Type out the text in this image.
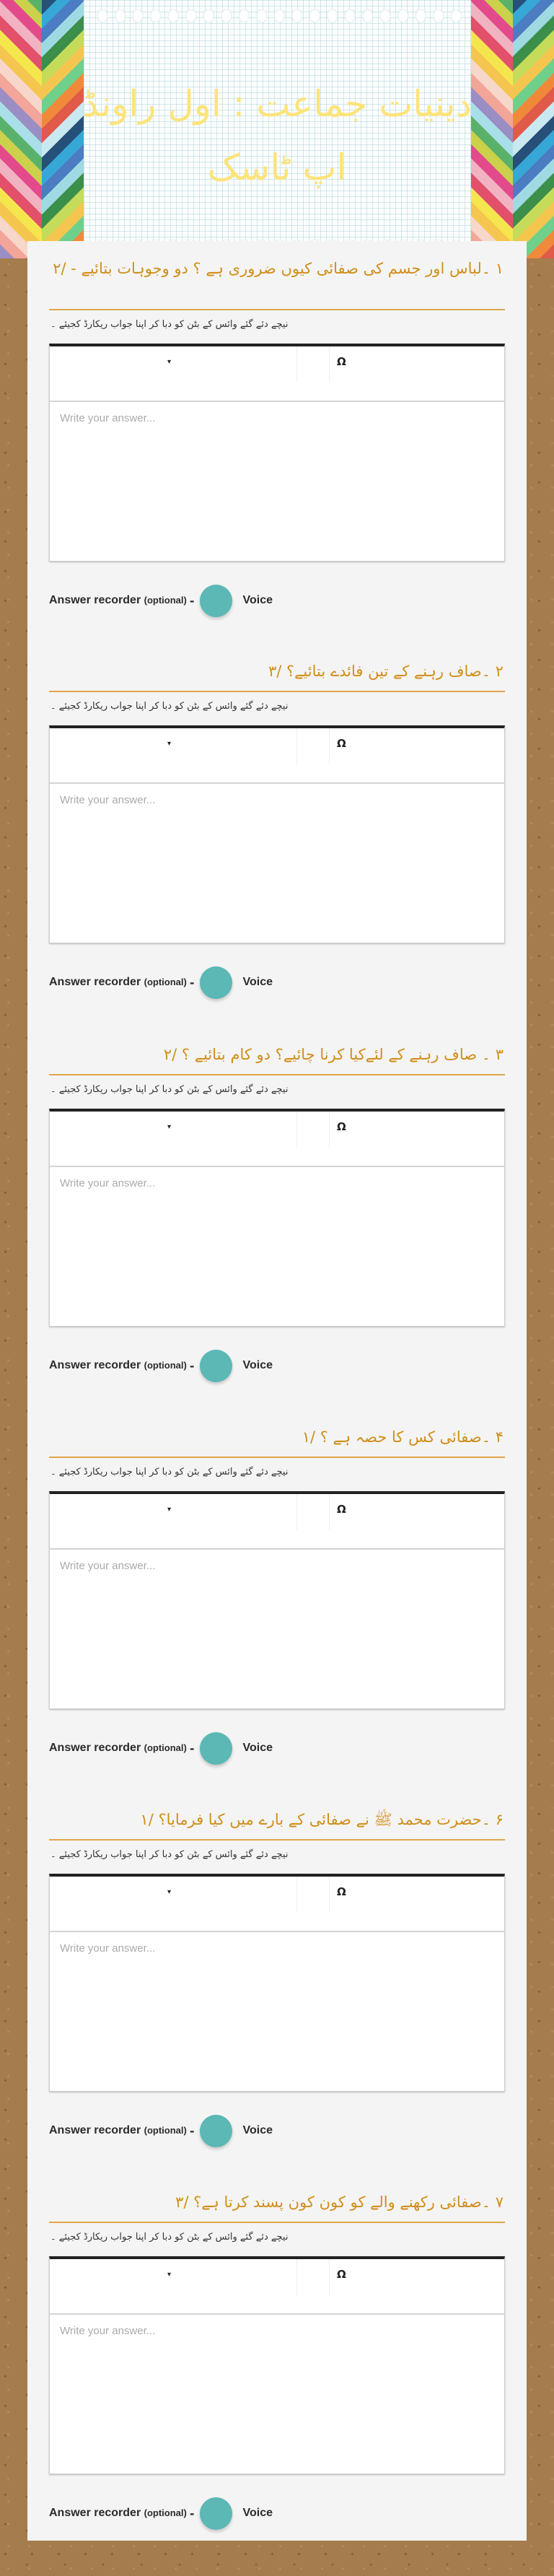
دینیات جماعت : اول راونڈ اپ ٹاسک
۱ ۔لباس اور جسم کی صفائی کیوں ضروری ہے ؟ دو وجوہات بتائیے - /۲
نیچے دئے گئے وائس کے بٹن کو دبا کر اپنا جواب ریکارڈ کجیئے ۔
▾	Ω
Write your answer...
Answer recorder (optional) -	Voice
۲ ۔صاف رہنے کے تین فائدے بتائیے؟ /۳
نیچے دئے گئے وائس کے بٹن کو دبا کر اپنا جواب ریکارڈ کجیئے ۔
▾	Ω
Write your answer...
Answer recorder (optional) -	Voice
۳ ۔ صاف رہنے کے لئےکیا کرنا چائیے؟ دو کام بتائیے ؟ /۲
نیچے دئے گئے وائس کے بٹن کو دبا کر اپنا جواب ریکارڈ کجیئے ۔
▾	Ω
Write your answer...
Answer recorder (optional) -	Voice
۴ ۔صفائی کس کا حصہ ہے ؟ /۱
نیچے دئے گئے وائس کے بٹن کو دبا کر اپنا جواب ریکارڈ کجیئے ۔
▾	Ω
Write your answer...
Answer recorder (optional) -	Voice
۶ ۔حضرت محمد ﷺ نے صفائی کے بارے میں کیا فرمایا؟ /۱
نیچے دئے گئے وائس کے بٹن کو دبا کر اپنا جواب ریکارڈ کجیئے ۔
▾	Ω
Write your answer...
Answer recorder (optional) -	Voice
۷ ۔صفائی رکھنے والے کو کون کون پسند کرتا ہے؟ /۳
نیچے دئے گئے وائس کے بٹن کو دبا کر اپنا جواب ریکارڈ کجیئے ۔
▾	Ω
Write your answer...
Answer recorder (optional) -	Voice
